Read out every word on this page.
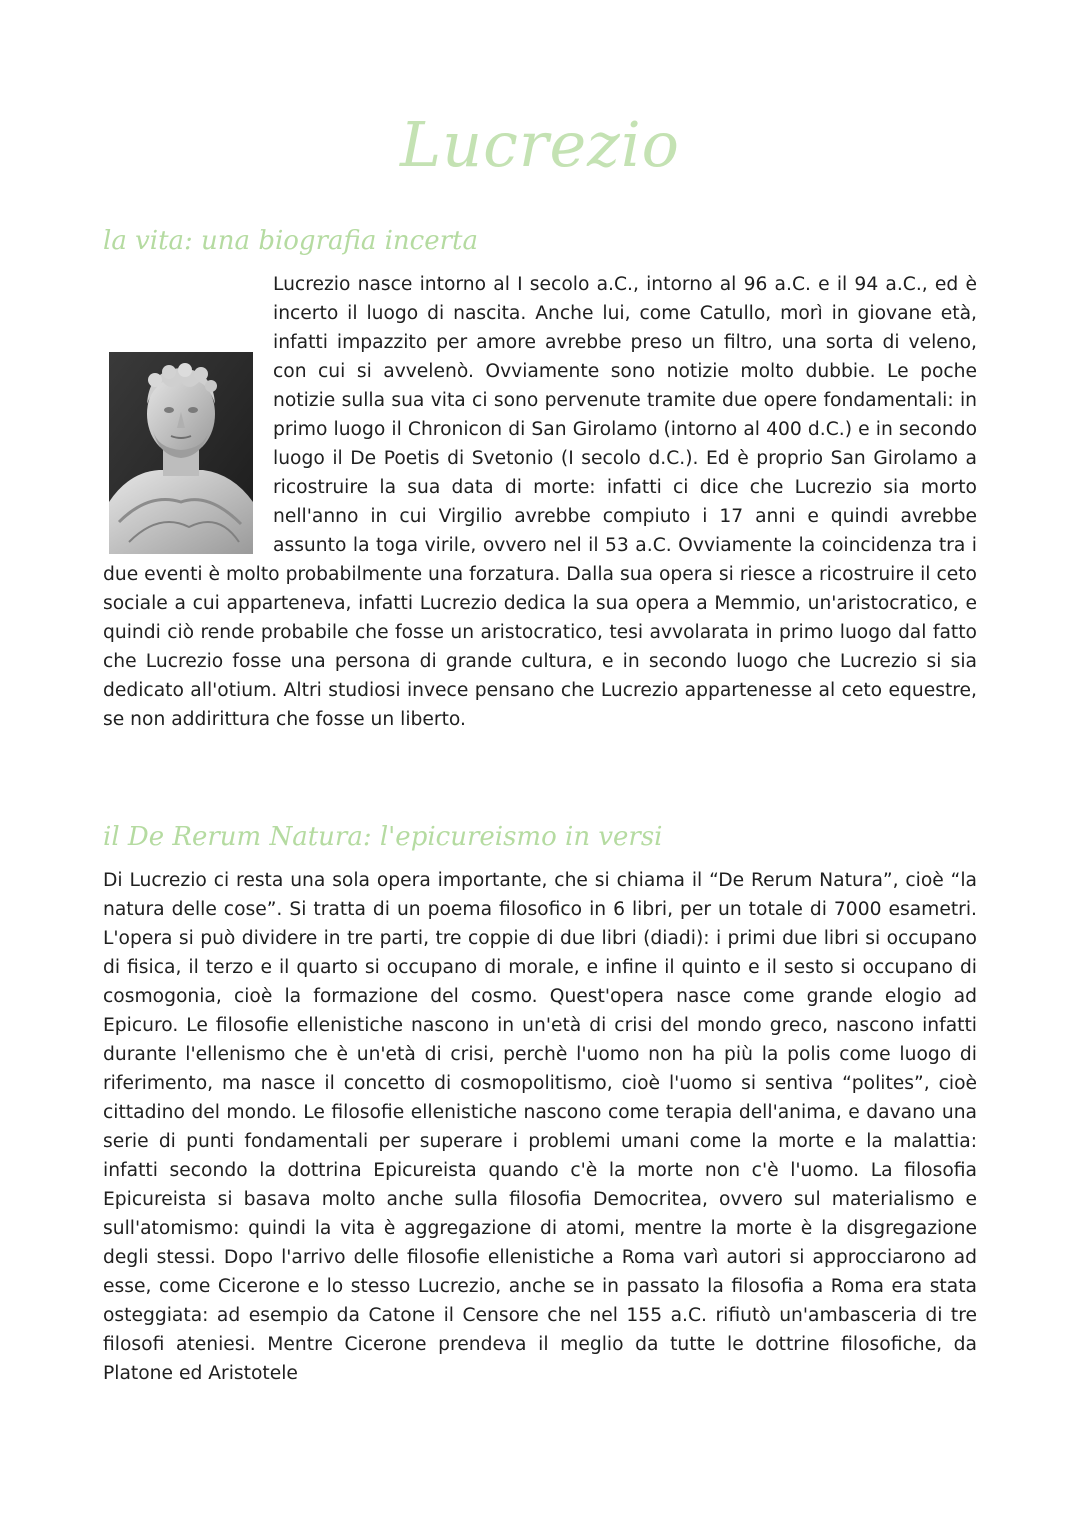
Lucrezio
la vita: una biografia incerta
Lucrezio nasce intorno al I secolo a.C., intorno al 96 a.C. e il 94 a.C., ed è incerto il luogo di nascita. Anche lui, come Catullo, morì in giovane età, infatti impazzito per amore avrebbe preso un filtro, una sorta di veleno, con cui si avvelenò. Ovviamente sono notizie molto dubbie. Le poche notizie sulla sua vita ci sono pervenute tramite due opere fondamentali: in primo luogo il Chronicon di San Girolamo (intorno al 400 d.C.) e in secondo luogo il De Poetis di Svetonio (I secolo d.C.). Ed è proprio San Girolamo a ricostruire la sua data di morte: infatti ci dice che Lucrezio sia morto nell'anno in cui Virgilio avrebbe compiuto i 17 anni e quindi avrebbe assunto la toga virile, ovvero nel il 53 a.C. Ovviamente la coincidenza tra i due eventi è molto probabilmente una forzatura. Dalla sua opera si riesce a ricostruire il ceto sociale a cui apparteneva, infatti Lucrezio dedica la sua opera a Memmio, un'aristocratico, e quindi ciò rende probabile che fosse un aristocratico, tesi avvolarata in primo luogo dal fatto che Lucrezio fosse una persona di grande cultura, e in secondo luogo che Lucrezio si sia dedicato all'otium. Altri studiosi invece pensano che Lucrezio appartenesse al ceto equestre, se non addirittura che fosse un liberto.
il De Rerum Natura: l'epicureismo in versi

Di Lucrezio ci resta una sola opera importante, che si chiama il “De Rerum Natura”, cioè “la natura delle cose”. Si tratta di un poema filosofico in 6 libri, per un totale di 7000 esametri. L'opera si può dividere in tre parti, tre coppie di due libri (diadi): i primi due libri si occupano di fisica, il terzo e il quarto si occupano di morale, e infine il quinto e il sesto si occupano di cosmogonia, cioè la formazione del cosmo. Quest'opera nasce come grande elogio ad Epicuro. Le filosofie ellenistiche nascono in un'età di crisi del mondo greco, nascono infatti durante l'ellenismo che è un'età di crisi, perchè l'uomo non ha più la polis come luogo di riferimento, ma nasce il concetto di cosmopolitismo, cioè l'uomo si sentiva “polites”, cioè cittadino del mondo. Le filosofie ellenistiche nascono come terapia dell'anima, e davano una serie di punti fondamentali per superare i problemi umani come la morte e la malattia: infatti secondo la dottrina Epicureista quando c'è la morte non c'è l'uomo. La filosofia Epicureista si basava molto anche sulla filosofia Democritea, ovvero sul materialismo e sull'atomismo: quindi la vita è aggregazione di atomi, mentre la morte è la disgregazione degli stessi. Dopo l'arrivo delle filosofie ellenistiche a Roma varì autori si approcciarono ad esse, come Cicerone e lo stesso Lucrezio, anche se in passato la filosofia a Roma era stata osteggiata: ad esempio da Catone il Censore che nel 155 a.C. rifiutò un'ambasceria di tre filosofi ateniesi. Mentre Cicerone prendeva il meglio da tutte le dottrine filosofiche, da Platone ed Aristotele
